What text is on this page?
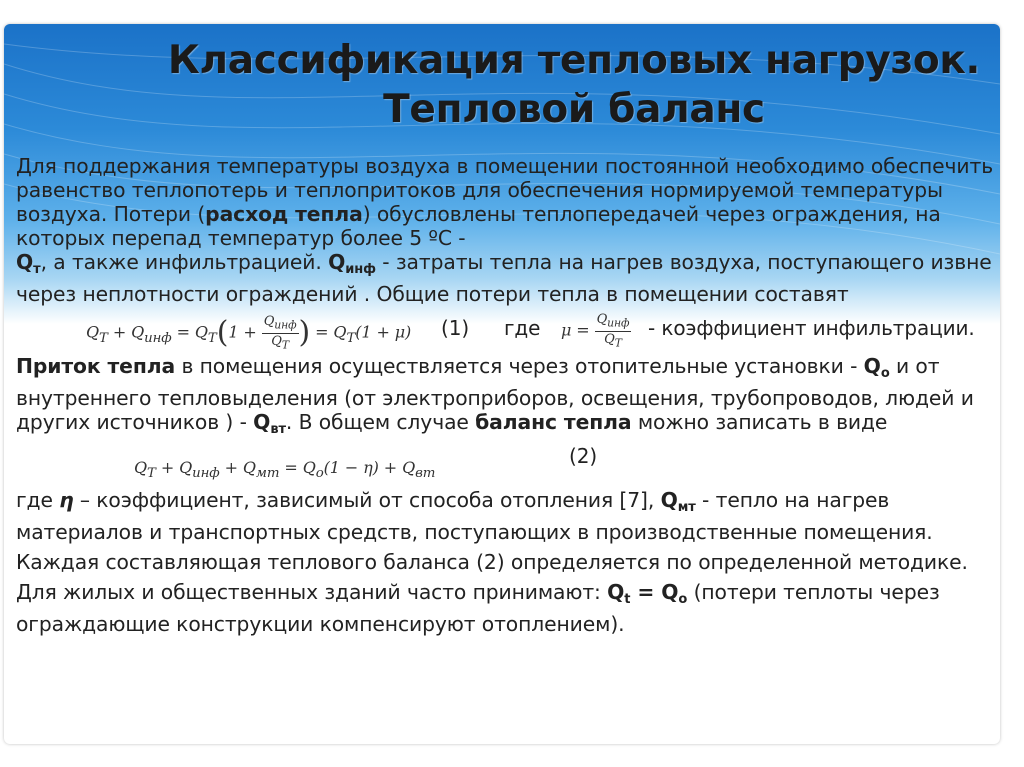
Классификация тепловых нагрузок.
Тепловой баланс

Для поддержания температуры воздуха в помещении постоянной необходимо обеспечить равенство теплопотерь и теплопритоков для обеспечения нормируемой температуры воздуха. Потери (расход тепла) обусловлены теплопередачей через ограждения, на которых перепад температур более 5 ºС -
$Q_т$, а также инфильтрацией. $Q_{инф}$ - затраты тепла на нагрев воздуха, поступающего извне через неплотности ограждений . Общие потери тепла в помещении составят

$Q_T + Q_{инф} = Q_T(1 + \frac{Q_{инф}}{Q_T}$ ) = $Q_T(1 + \mu)$ (1) где $\mu = \frac{Q_{инф}}{Q_T}$ - коэффициент инфильтрации.

Приток тепла в помещения осуществляется через отопительные установки - $Q_о$ и от внутреннего тепловыделения (от электроприборов, освещения, трубопроводов, людей и других источников ) - $Q_{вт}$. В общем случае баланс тепла можно записать в виде

$Q_T + Q_{инф} + Q_{мт} = Q_o(1 - \eta) + Q_{вт}$
(2)

где η – коэффициент, зависимый от способа отопления [7], $Q_{мт}$ - тепло на нагрев материалов и транспортных средств, поступающих в производственные помещения.

Каждая составляющая теплового баланса (2) определяется по определенной методике.

Для жилых и общественных зданий часто принимают: $Q_t = Q_о$ (потери теплоты через ограждающие конструкции компенсируют отоплением).
